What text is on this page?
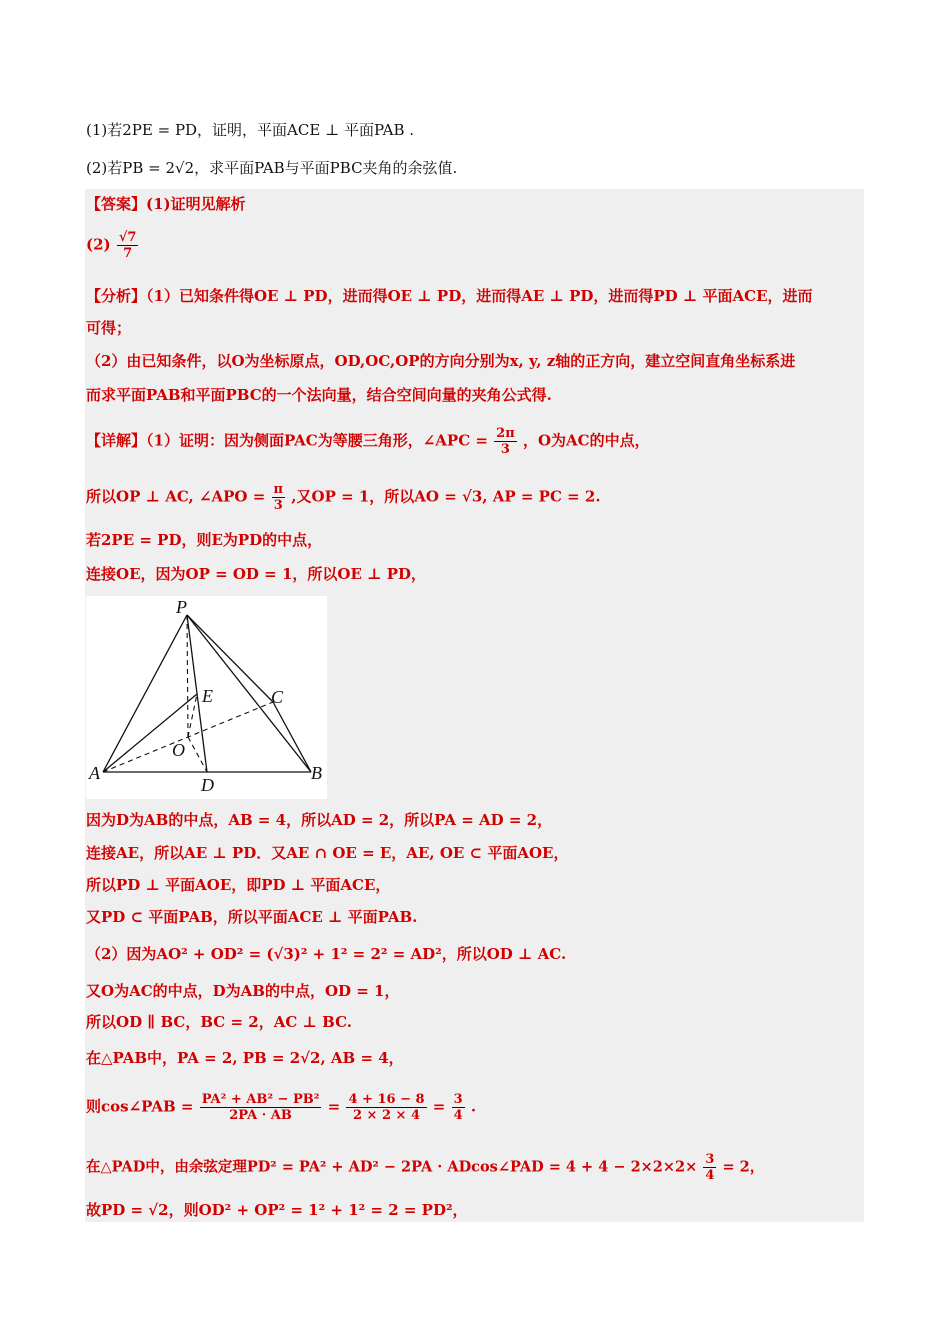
(1)若2PE = PD，证明，平面ACE ⊥ 平面PAB .
(2)若PB = 2√2，求平面PAB与平面PBC夹角的余弦值.
【答案】(1)证明见解析
$(2) \frac{√7}{7}$
【分析】（1）已知条件得OE ⊥ PD，进而得OE ⊥ PD，进而得AE ⊥ PD，进而得PD ⊥ 平面ACE，进而
可得；
（2）由已知条件，以O为坐标原点，OD,OC,OP的方向分别为x, y, z轴的正方向，建立空间直角坐标系进
而求平面PAB和平面PBC的一个法向量，结合空间向量的夹角公式得.
【详解】（1）证明：因为侧面PAC为等腰三角形，∠APC = $\frac{2\pi}{3}$ ，O为AC的中点，
所以OP ⊥ AC, ∠APO = $\frac{\pi}{3}$ ,又OP = 1，所以AO = √3, AP = PC = 2.
若2PE = PD，则E为PD的中点，
连接OE，因为OP = OD = 1，所以OE ⊥ PD，
P
E	C
O
A
D
B
因为D为AB的中点，AB = 4，所以AD = 2，所以PA = AD = 2，
连接AE，所以AE ⊥ PD．又AE ∩ OE = E，AE, OE ⊂ 平面AOE，
所以PD ⊥ 平面AOE，即PD ⊥ 平面ACE，
又PD ⊂ 平面PAB，所以平面ACE ⊥ 平面PAB.
（2）因为AO² + OD² = (√3)² + 1² = 2² = AD²，所以OD ⊥ AC.
又O为AC的中点，D为AB的中点，OD = 1，
所以OD ∥ BC，BC = 2，AC ⊥ BC.
在△PAB中，PA = 2, PB = 2√2, AB = 4，
则cos∠PAB = $\frac{\text{PA² + AB² − PB²}}{2PA \cdot AB} = \frac{4 + 16 - 8}{2 \times 2 \times 4} = \frac{3}{4}$ .
在△PAD中，由余弦定理PD² = PA² + AD² − 2PA · ADcos∠PAD = $4 + 4 - 2\times 2\times 2\times \frac{3}{4} = 2$，
故PD = √2，则OD² + OP² = 1² + 1² = 2 = PD²，
